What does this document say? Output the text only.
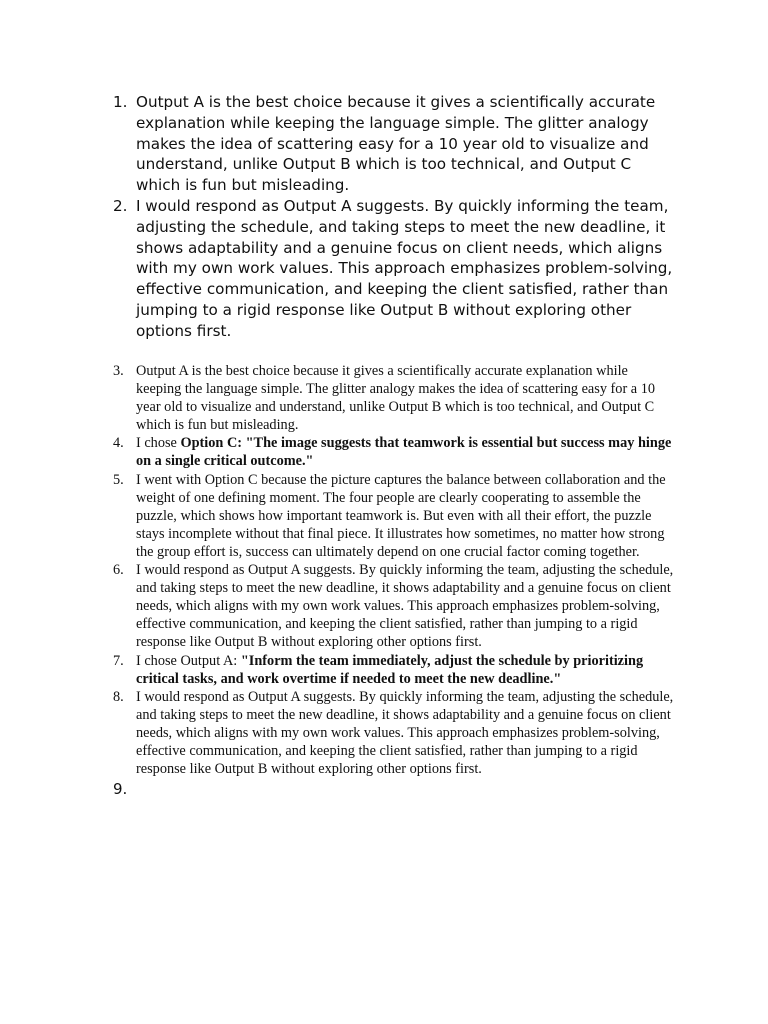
1. Output A is the best choice because it gives a scientifically accurate explanation while keeping the language simple. The glitter analogy makes the idea of scattering easy for a 10 year old to visualize and understand, unlike Output B which is too technical, and Output C which is fun but misleading.
2. I would respond as Output A suggests. By quickly informing the team, adjusting the schedule, and taking steps to meet the new deadline, it shows adaptability and a genuine focus on client needs, which aligns with my own work values. This approach emphasizes problem-solving, effective communication, and keeping the client satisfied, rather than jumping to a rigid response like Output B without exploring other options first.
3. Output A is the best choice because it gives a scientifically accurate explanation while keeping the language simple. The glitter analogy makes the idea of scattering easy for a 10 year old to visualize and understand, unlike Output B which is too technical, and Output C which is fun but misleading.
4. I chose Option C: "The image suggests that teamwork is essential but success may hinge on a single critical outcome."
5. I went with Option C because the picture captures the balance between collaboration and the weight of one defining moment. The four people are clearly cooperating to assemble the puzzle, which shows how important teamwork is. But even with all their effort, the puzzle stays incomplete without that final piece. It illustrates how sometimes, no matter how strong the group effort is, success can ultimately depend on one crucial factor coming together.
6. I would respond as Output A suggests. By quickly informing the team, adjusting the schedule, and taking steps to meet the new deadline, it shows adaptability and a genuine focus on client needs, which aligns with my own work values. This approach emphasizes problem-solving, effective communication, and keeping the client satisfied, rather than jumping to a rigid response like Output B without exploring other options first.
7. I chose Output A: "Inform the team immediately, adjust the schedule by prioritizing critical tasks, and work overtime if needed to meet the new deadline."
8. I would respond as Output A suggests. By quickly informing the team, adjusting the schedule, and taking steps to meet the new deadline, it shows adaptability and a genuine focus on client needs, which aligns with my own work values. This approach emphasizes problem-solving, effective communication, and keeping the client satisfied, rather than jumping to a rigid response like Output B without exploring other options first.
9.
